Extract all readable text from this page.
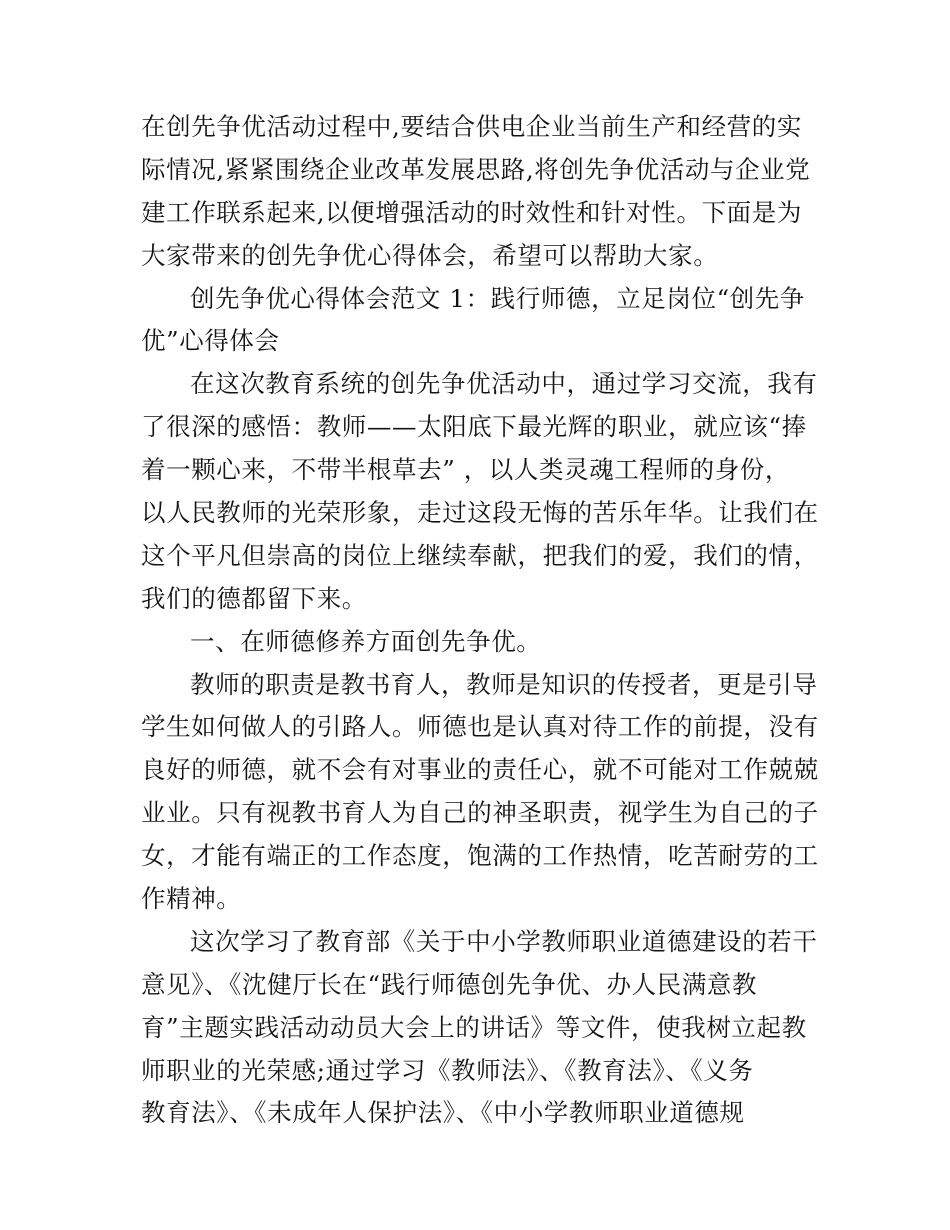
在创先争优活动过程中,要结合供电企业当前生产和经营的实
际情况,紧紧围绕企业改革发展思路,将创先争优活动与企业党
建工作联系起来,以便增强活动的时效性和针对性。下面是为
大家带来的创先争优心得体会，希望可以帮助大家。
创先争优心得体会范文 1：践行师德，立足岗位“创先争
优”心得体会
在这次教育系统的创先争优活动中，通过学习交流，我有
了很深的感悟：教师——太阳底下最光辉的职业，就应该“捧
着一颗心来，不带半根草去” ，以人类灵魂工程师的身份，
以人民教师的光荣形象，走过这段无悔的苦乐年华。让我们在
这个平凡但崇高的岗位上继续奉献，把我们的爱，我们的情，
我们的德都留下来。
一、在师德修养方面创先争优。
教师的职责是教书育人，教师是知识的传授者，更是引导
学生如何做人的引路人。师德也是认真对待工作的前提，没有
良好的师德，就不会有对事业的责任心，就不可能对工作兢兢
业业。只有视教书育人为自己的神圣职责，视学生为自己的子
女，才能有端正的工作态度，饱满的工作热情，吃苦耐劳的工
作精神。
这次学习了教育部《关于中小学教师职业道德建设的若干
意见》、《沈健厅长在“践行师德创先争优、办人民满意教
育”主题实践活动动员大会上的讲话》等文件，使我树立起教
师职业的光荣感;通过学习《教师法》、《教育法》、《义务
教育法》、《未成年人保护法》、《中小学教师职业道德规
